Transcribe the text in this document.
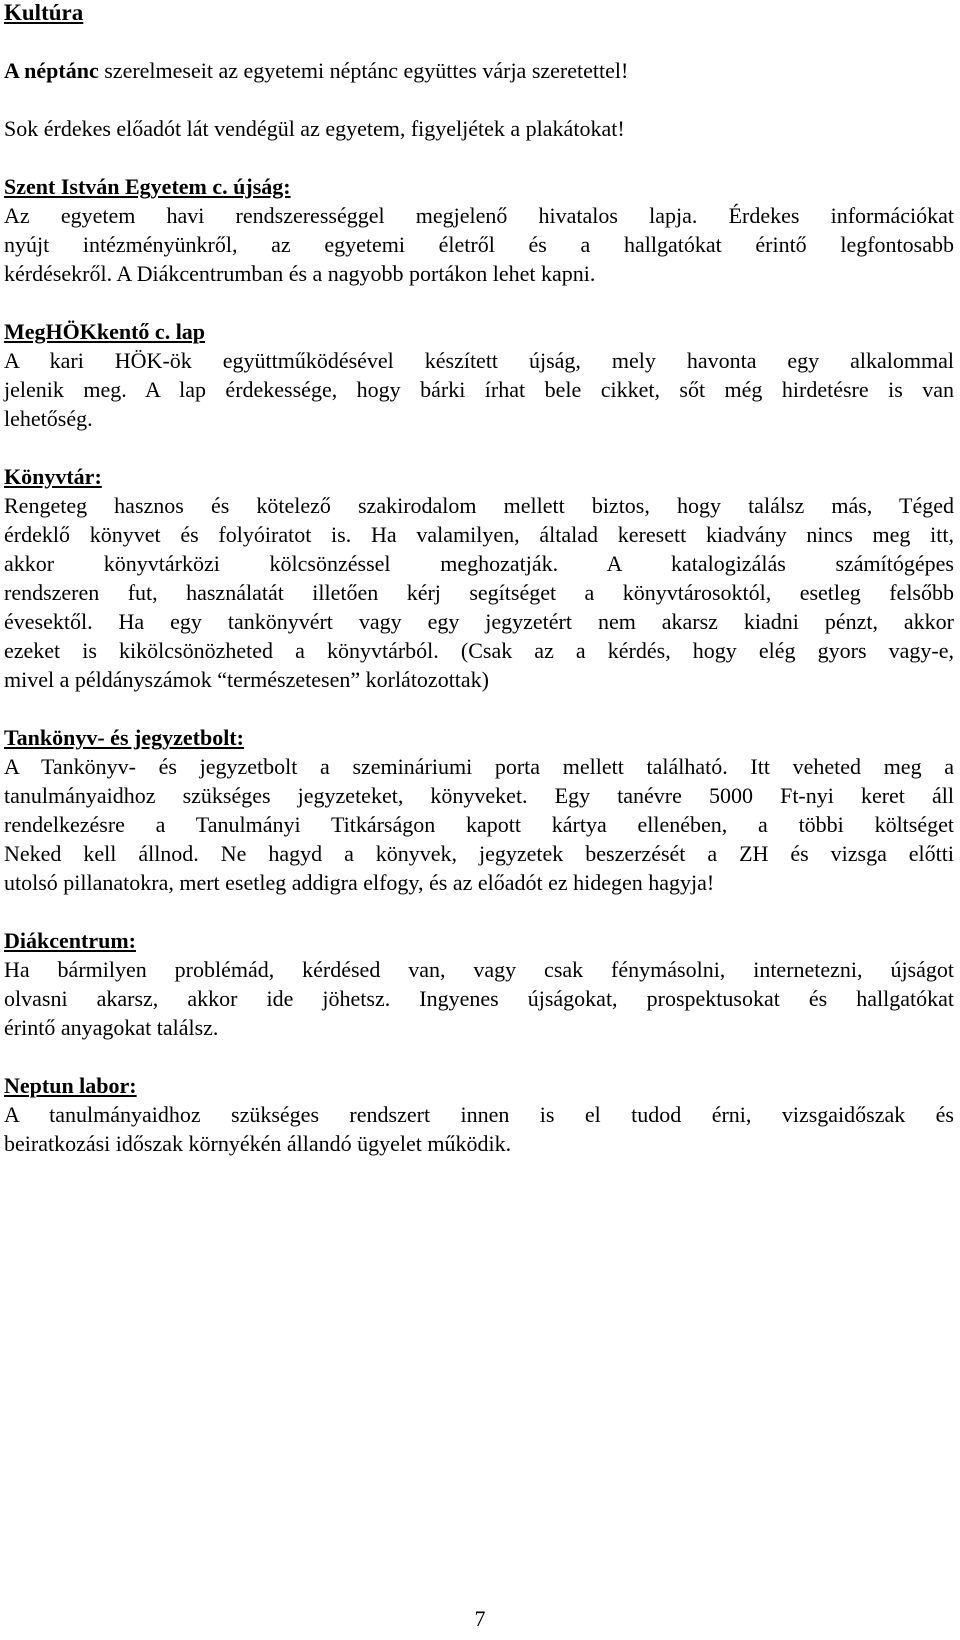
Kultúra

A néptánc szerelmeseit az egyetemi néptánc együttes várja szeretettel!

Sok érdekes előadót lát vendégül az egyetem, figyeljétek a plakátokat!

Szent István Egyetem c. újság:
Az egyetem havi rendszerességgel megjelenő hivatalos lapja. Érdekes információkat
nyújt intézményünkről, az egyetemi életről és a hallgatókat érintő legfontosabb
kérdésekről. A Diákcentrumban és a nagyobb portákon lehet kapni.
MegHÖKkentő c. lap
A kari HÖK-ök együttműködésével készített újság, mely havonta egy alkalommal
jelenik meg. A lap érdekessége, hogy bárki írhat bele cikket, sőt még hirdetésre is van
lehetőség.
Könyvtár:
Rengeteg hasznos és kötelező szakirodalom mellett biztos, hogy találsz más, Téged
érdeklő könyvet és folyóiratot is. Ha valamilyen, általad keresett kiadvány nincs meg itt,
akkor könyvtárközi kölcsönzéssel meghozatják. A katalogizálás számítógépes
rendszeren fut, használatát illetően kérj segítséget a könyvtárosoktól, esetleg felsőbb
évesektől. Ha egy tankönyvért vagy egy jegyzetért nem akarsz kiadni pénzt, akkor
ezeket is kikölcsönözheted a könyvtárból. (Csak az a kérdés, hogy elég gyors vagy-e,
mivel a példányszámok “természetesen” korlátozottak)
Tankönyv- és jegyzetbolt:
A Tankönyv- és jegyzetbolt a szemináriumi porta mellett található. Itt veheted meg a
tanulmányaidhoz szükséges jegyzeteket, könyveket. Egy tanévre 5000 Ft-nyi keret áll
rendelkezésre a Tanulmányi Titkárságon kapott kártya ellenében, a többi költséget
Neked kell állnod. Ne hagyd a könyvek, jegyzetek beszerzését a ZH és vizsga előtti
utolsó pillanatokra, mert esetleg addigra elfogy, és az előadót ez hidegen hagyja!
Diákcentrum:
Ha bármilyen problémád, kérdésed van, vagy csak fénymásolni, internetezni, újságot
olvasni akarsz, akkor ide jöhetsz. Ingyenes újságokat, prospektusokat és hallgatókat
érintő anyagokat találsz.
Neptun labor:
A tanulmányaidhoz szükséges rendszert innen is el tudod érni, vizsgaidőszak és
beiratkozási időszak környékén állandó ügyelet működik.
7
